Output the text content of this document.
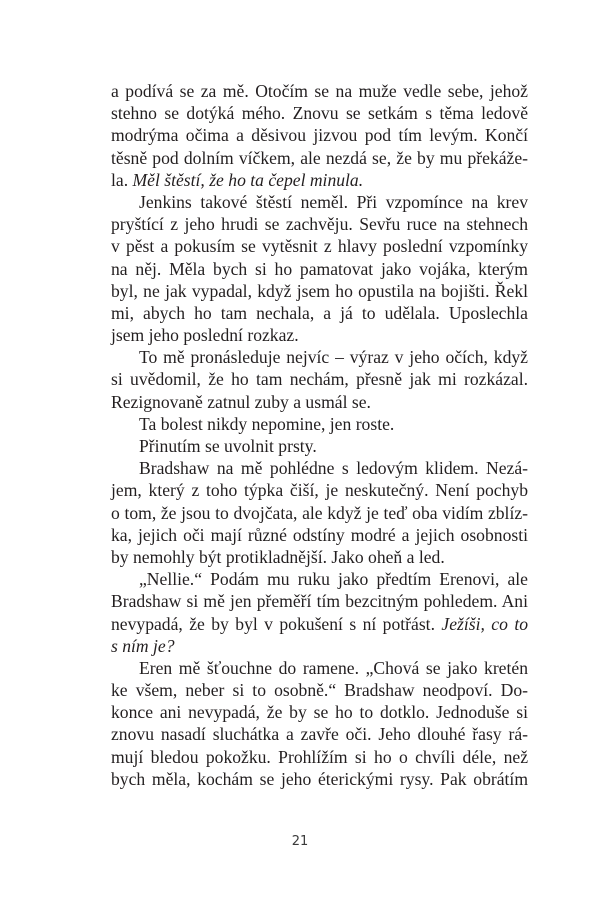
a podívá se za mě. Otočím se na muže vedle sebe, jehož
stehno se dotýká mého. Znovu se setkám s těma ledově
modrýma očima a děsivou jizvou pod tím levým. Končí
těsně pod dolním víčkem, ale nezdá se, že by mu překáže-
la. Měl štěstí, že ho ta čepel minula.
Jenkins takové štěstí neměl. Při vzpomínce na krev
pryštící z jeho hrudi se zachvěju. Sevřu ruce na stehnech
v pěst a pokusím se vytěsnit z hlavy poslední vzpomínky
na něj. Měla bych si ho pamatovat jako vojáka, kterým
byl, ne jak vypadal, když jsem ho opustila na bojišti. Řekl
mi, abych ho tam nechala, a já to udělala. Uposlechla
jsem jeho poslední rozkaz.
To mě pronásleduje nejvíc – výraz v jeho očích, když
si uvědomil, že ho tam nechám, přesně jak mi rozkázal.
Rezignovaně zatnul zuby a usmál se.
Ta bolest nikdy nepomine, jen roste.
Přinutím se uvolnit prsty.
Bradshaw na mě pohlédne s ledovým klidem. Nezá-
jem, který z toho týpka čiší, je neskutečný. Není pochyb
o tom, že jsou to dvojčata, ale když je teď oba vidím zblíz-
ka, jejich oči mají různé odstíny modré a jejich osobnosti
by nemohly být protikladnější. Jako oheň a led.
„Nellie.“ Podám mu ruku jako předtím Erenovi, ale
Bradshaw si mě jen přeměří tím bezcitným pohledem. Ani
nevypadá, že by byl v pokušení s ní potřást. Ježíši, co to
s ním je?
Eren mě šťouchne do ramene. „Chová se jako kretén
ke všem, neber si to osobně.“ Bradshaw neodpoví. Do-
konce ani nevypadá, že by se ho to dotklo. Jednoduše si
znovu nasadí sluchátka a zavře oči. Jeho dlouhé řasy rá-
mují bledou pokožku. Prohlížím si ho o chvíli déle, než
bych měla, kochám se jeho éterickými rysy. Pak obrátím
21
